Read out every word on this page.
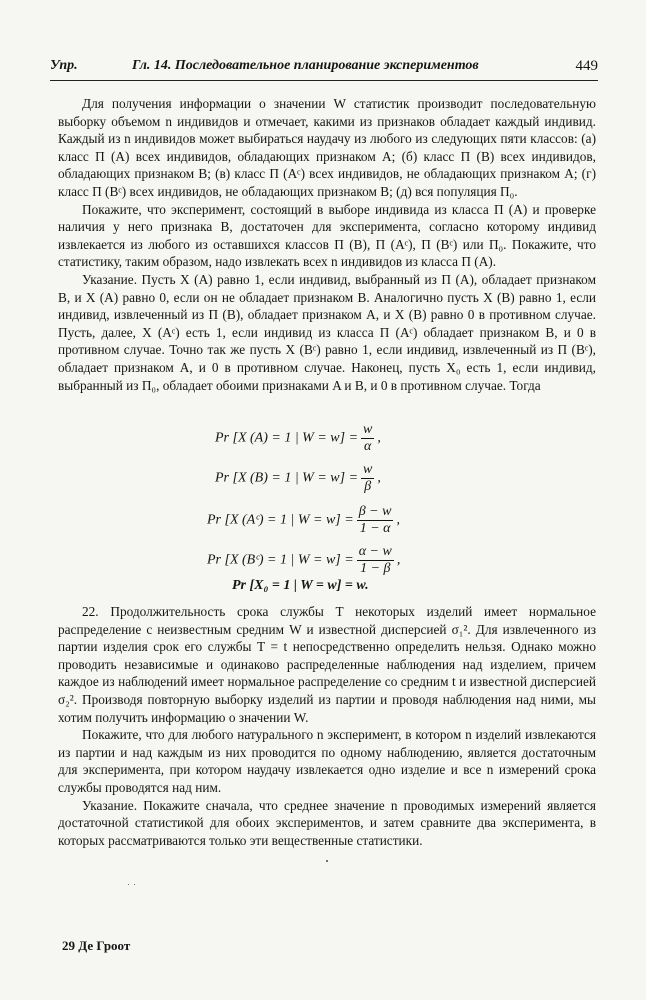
Упр.	Гл. 14. Последовательное планирование экспериментов	449

Для получения информации о значении W статистик производит последовательную выборку объемом n индивидов и отмечает, какими из признаков обладает каждый индивид. Каждый из n индивидов может выбираться наудачу из любого из следующих пяти классов: (а) класс Π (A) всех индивидов, обладающих признаком A; (б) класс Π (B) всех индивидов, обладающих признаком B; (в) класс Π (Aᶜ) всех индивидов, не обладающих признаком A; (г) класс Π (Bᶜ) всех индивидов, не обладающих признаком B; (д) вся популяция Π₀.

Покажите, что эксперимент, состоящий в выборе индивида из класса Π (A) и проверке наличия у него признака B, достаточен для эксперимента, согласно которому индивид извлекается из любого из оставшихся классов Π (B), Π (Aᶜ), Π (Bᶜ) или Π₀. Покажите, что статистику, таким образом, надо извлекать всех n индивидов из класса Π (A).

Указание. Пусть X (A) равно 1, если индивид, выбранный из Π (A), обладает признаком B, и X (A) равно 0, если он не обладает признаком B. Аналогично пусть X (B) равно 1, если индивид, извлеченный из Π (B), обладает признаком A, и X (B) равно 0 в противном случае. Пусть, далее, X (Aᶜ) есть 1, если индивид из класса Π (Aᶜ) обладает признаком B, и 0 в противном случае. Точно так же пусть X (Bᶜ) равно 1, если индивид, извлеченный из Π (Bᶜ), обладает признаком A, и 0 в противном случае. Наконец, пусть X₀ есть 1, если индивид, выбранный из Π₀, обладает обоими признаками A и B, и 0 в противном случае. Тогда

Pr [X (A) = 1 | $W = w] = \frac{w}{\alpha}$ ,
Pr [X (B) = 1 | $W = w] = \frac{w}{\beta}$ ,
Pr [X (Aᶜ) = 1 | $W = w] = \frac{\beta - w}{1 - \alpha}$ ,
Pr [X (Bᶜ) = 1 | $W = w] = \frac{\alpha - w}{1 - \beta}$ ,
Pr [X₀ = 1 | W = w] = w.

22. Продолжительность срока службы T некоторых изделий имеет нормальное распределение с неизвестным средним W и известной дисперсией σ₁². Для извлеченного из партии изделия срок его службы T = t непосредственно определить нельзя. Однако можно проводить независимые и одинаково распределенные наблюдения над изделием, причем каждое из наблюдений имеет нормальное распределение со средним t и известной дисперсией σ₂². Производя повторную выборку изделий из партии и проводя наблюдения над ними, мы хотим получить информацию о значении W.

Покажите, что для любого натурального n эксперимент, в котором n изделий извлекаются из партии и над каждым из них проводится по одному наблюдению, является достаточным для эксперимента, при котором наудачу извлекается одно изделие и все n измерений срока службы проводятся над ним.

Указание. Покажите сначала, что среднее значение n проводимых измерений является достаточной статистикой для обоих экспериментов, и затем сравните два эксперимента, в которых рассматриваются только эти вещественные статистики.

29 Де Гроот
